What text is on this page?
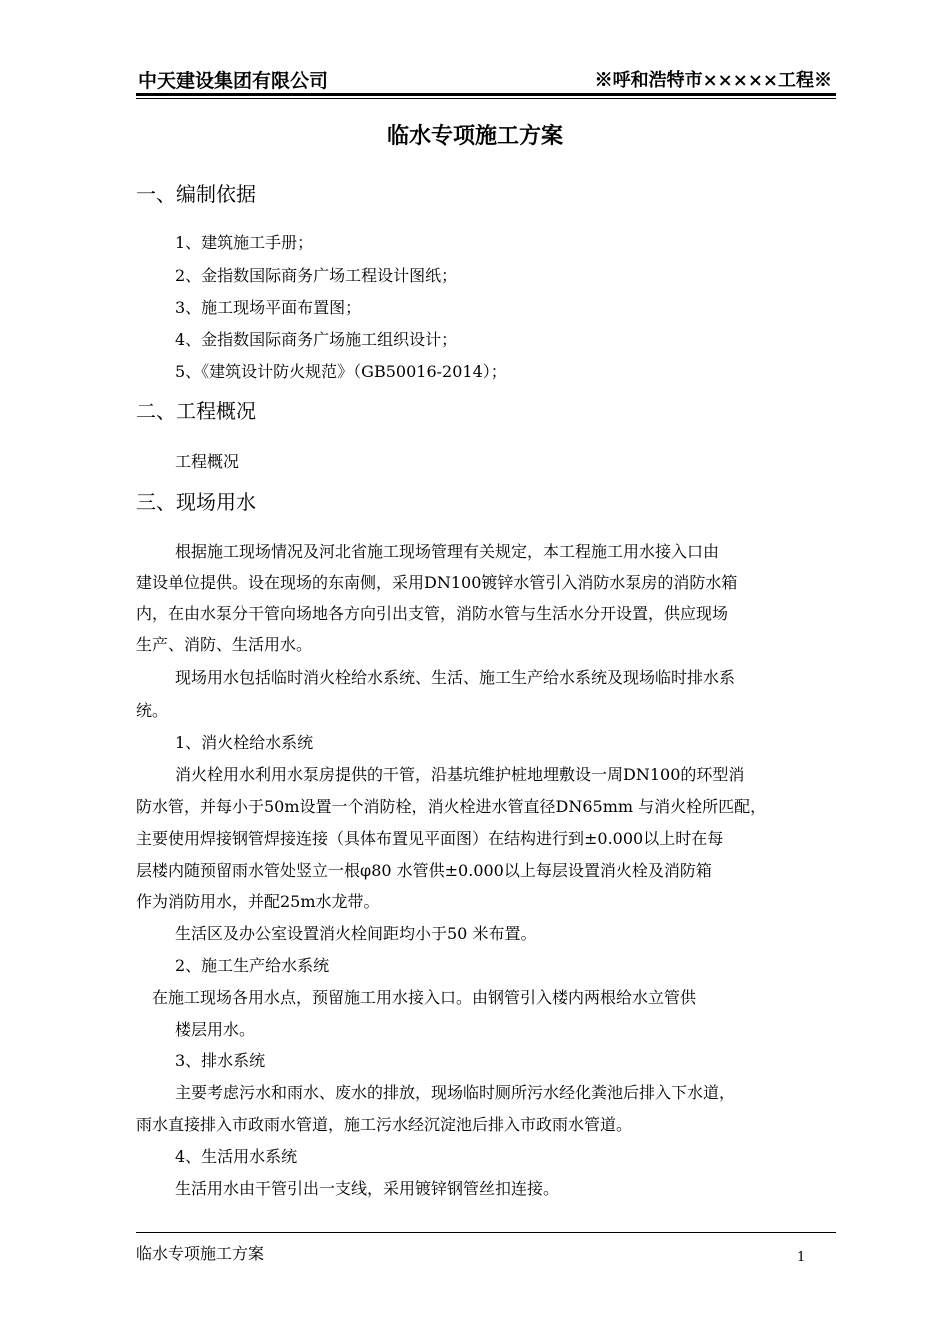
中天建设集团有限公司	※呼和浩特市×××××工程※
临水专项施工方案
一、编制依据
1、建筑施工手册；
2、金指数国际商务广场工程设计图纸；
3、施工现场平面布置图；
4、金指数国际商务广场施工组织设计；
5、《建筑设计防火规范》（GB50016-2014）；
二、工程概况
工程概况
三、现场用水
根据施工现场情况及河北省施工现场管理有关规定，本工程施工用水接入口由
建设单位提供。设在现场的东南侧，采用DN100镀锌水管引入消防水泵房的消防水箱
内，在由水泵分干管向场地各方向引出支管，消防水管与生活水分开设置，供应现场
生产、消防、生活用水。
现场用水包括临时消火栓给水系统、生活、施工生产给水系统及现场临时排水系
统。
1、消火栓给水系统
消火栓用水利用水泵房提供的干管，沿基坑维护桩地埋敷设一周DN100的环型消
防水管，并每小于50m设置一个消防栓，消火栓进水管直径DN65mm 与消火栓所匹配，
主要使用焊接钢管焊接连接（具体布置见平面图）在结构进行到±0.000以上时在每
层楼内随预留雨水管处竖立一根φ80 水管供±0.000以上每层设置消火栓及消防箱
作为消防用水，并配25m水龙带。
生活区及办公室设置消火栓间距均小于50 米布置。
2、施工生产给水系统
在施工现场各用水点，预留施工用水接入口。由钢管引入楼内两根给水立管供
楼层用水。
3、排水系统
主要考虑污水和雨水、废水的排放，现场临时厕所污水经化粪池后排入下水道，
雨水直接排入市政雨水管道，施工污水经沉淀池后排入市政雨水管道。
4、生活用水系统
生活用水由干管引出一支线，采用镀锌钢管丝扣连接。
临水专项施工方案	1
